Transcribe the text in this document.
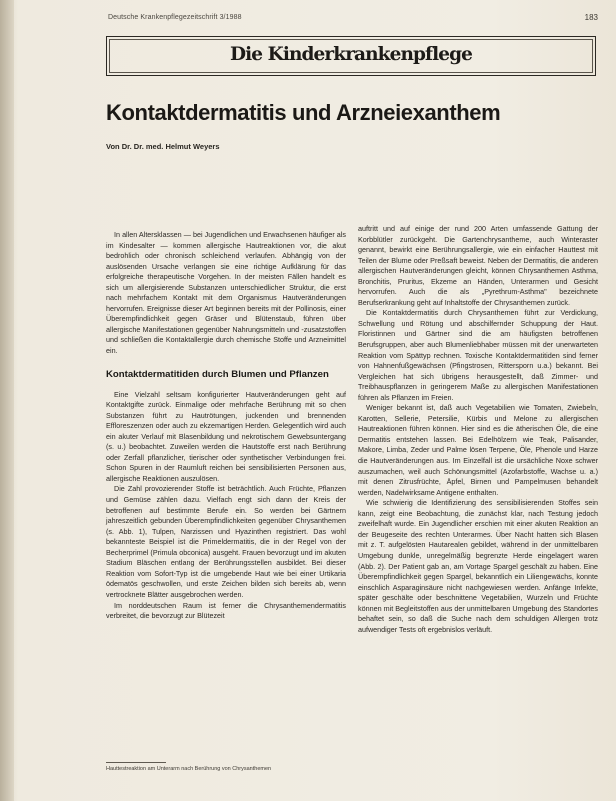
Deutsche Krankenpflegezeitschrift 3/1988	183
Die Kinderkrankenpflege
Kontaktdermatitis und Arzneiexanthem
Von Dr. Dr. med. Helmut Weyers

In allen Altersklassen — bei Jugendlichen und Erwachsenen häufiger als im Kindesalter — kommen allergische Hautreaktionen vor, die akut bedrohlich oder chronisch schleichend verlaufen. Abhängig von der auslösenden Ursache verlangen sie eine richtige Aufklärung für das erfolgreiche therapeutische Vorgehen. In der meisten Fällen handelt es sich um allergisierende Substanzen unterschiedlicher Struktur, die erst nach mehrfachem Kontakt mit dem Organismus Hautveränderungen hervorrufen. Ereignisse dieser Art beginnen bereits mit der Pollinosis, einer Überempfindlichkeit gegen Gräser und Blütenstaub, führen über allergische Manifestationen gegenüber Nahrungsmitteln und -zusatzstoffen und schließen die Kontaktallergie durch chemische Stoffe und Arzneimittel ein.

Kontaktdermatitiden durch Blumen und Pflanzen

Eine Vielzahl seltsam konfigurierter Hautveränderungen geht auf Kontaktgifte zurück. Einmalige oder mehrfache Berührung mit so chen Substanzen führt zu Hautrötungen, juckenden und brennenden Effloreszenzen oder auch zu ekzemartigen Herden. Gelegentlich wird auch ein akuter Verlauf mit Blasenbildung und nekrotischem Gewebsuntergang (s. u.) beobachtet. Zuweilen werden die Hautstoffe erst nach Berührung oder Zerfall pflanzlicher, tierischer oder synthetischer Verbindungen frei. Schon Spuren in der Raumluft reichen bei sensibilisierten Personen aus, allergische Reaktionen auszulösen.

Die Zahl provozierender Stoffe ist beträchtlich. Auch Früchte, Pflanzen und Gemüse zählen dazu. Vielfach engt sich dann der Kreis der betroffenen auf bestimmte Berufe ein. So werden bei Gärtnern jahreszeitlich gebunden Überempfindlichkeiten gegenüber Chrysanthemen (s. Abb. 1), Tulpen, Narzissen und Hyazinthen registriert. Das wohl bekannteste Beispiel ist die Primeldermatitis, die in der Regel von der Becherprimel (Primula obconica) ausgeht. Frauen bevorzugt und im akuten Stadium Bläschen entlang der Berührungsstellen ausbildet. Bei dieser Reaktion vom Sofort-Typ ist die umgebende Haut wie bei einer Urtikaria ödematös geschwollen, und erste Zeichen bilden sich bereits ab, wenn vertrocknete Blätter ausgebrochen werden.

Im norddeutschen Raum ist ferner die Chrysanthemendermatitis verbreitet, die bevorzugt zur Blütezeit

auftritt und auf einige der rund 200 Arten umfassende Gattung der Korbblütler zurückgeht. Die Gartenchrysantheme, auch Winteraster genannt, bewirkt eine Berührungsallergie, wie ein einfacher Hauttest mit Teilen der Blume oder Preßsaft beweist. Neben der Dermatitis, die anderen allergischen Hautveränderungen gleicht, können Chrysanthemen Asthma, Bronchitis, Pruritus, Ekzeme an Händen, Unterarmen und Gesicht hervorrufen. Auch die als „Pyrethrum-Asthma" bezeichnete Berufserkrankung geht auf Inhaltstoffe der Chrysanthemen zurück.

Die Kontaktdermatitis durch Chrysanthemen führt zur Verdickung, Schwellung und Rötung und abschilfernder Schuppung der Haut. Floristinnen und Gärtner sind die am häufigsten betroffenen Berufsgruppen, aber auch Blumenliebhaber müssen mit der unerwarteten Reaktion vom Spättyp rechnen. Toxische Kontaktdermatitiden sind ferner von Hahnenfußgewächsen (Pfingstrosen, Rittersporn u.a.) bekannt. Bei Vergleichen hat sich übrigens herausgestellt, daß Zimmer- und Treibhauspflanzen in geringerem Maße zu allergischen Manifestationen führen als Pflanzen im Freien.

Weniger bekannt ist, daß auch Vegetabilien wie Tomaten, Zwiebeln, Karotten, Sellerie, Petersilie, Kürbis und Melone zu allergischen Hautreaktionen führen können. Hier sind es die ätherischen Öle, die eine Dermatitis entstehen lassen. Bei Edelhölzern wie Teak, Palisander, Makore, Limba, Zeder und Palme lösen Terpene, Öle, Phenole und Harze die Hautveränderungen aus. Im Einzelfall ist die ursächliche Noxe schwer auszumachen, weil auch Schönungsmittel (Azofarbstoffe, Wachse u. a.) mit denen Zitrusfrüchte, Äpfel, Birnen und Pampelmusen behandelt werden, Nadelwirksame Antigene enthalten.

Wie schwierig die Identifizierung des sensibilisierenden Stoffes sein kann, zeigt eine Beobachtung, die zunächst klar, nach Testung jedoch zweifelhaft wurde. Ein Jugendlicher erschien mit einer akuten Reaktion an der Beugeseite des rechten Unterarmes. Über Nacht hatten sich Blasen mit z. T. aufgelösten Hautarealen gebildet, während in der unmittelbaren Umgebung dunkle, unregelmäßig begrenzte Herde eingelagert waren (Abb. 2). Der Patient gab an, am Vortage Spargel geschält zu haben. Eine Überempfindlichkeit gegen Spargel, bekanntlich ein Liliengewächs, konnte einschlich Asparaginsäure nicht nachgewiesen werden. Anfänge Infekte, später geschälte oder beschnittene Vegetabilien, Wurzeln und Früchte können mit Begleitstoffen aus der unmittelbaren Umgebung des Standortes behaftet sein, so daß die Suche nach dem schuldigen Allergen trotz aufwendiger Tests oft ergebnislos verläuft.

Hauttestreaktion am Unterarm nach Berührung von Chrysanthemen
